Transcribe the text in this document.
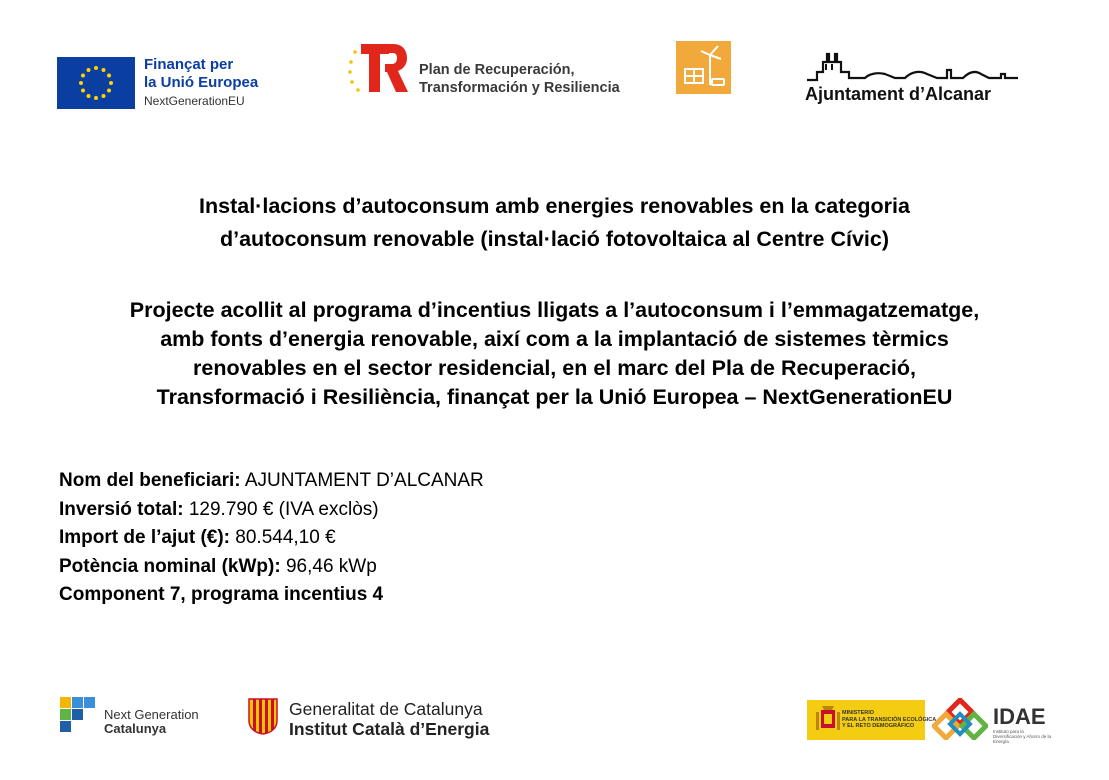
Finançat per
la Unió Europea
NextGenerationEU
Plan de Recuperación,
Transformación y Resiliencia	Ajuntament d’Alcanar
Instal·lacions d’autoconsum amb energies renovables en la categoria
d’autoconsum renovable (instal·lació fotovoltaica al Centre Cívic)
Projecte acollit al programa d’incentius lligats a l’autoconsum i l’emmagatzematge,
amb fonts d’energia renovable, així com a la implantació de sistemes tèrmics
renovables en el sector residencial, en el marc del Pla de Recuperació,
Transformació i Resiliència, finançat per la Unió Europea – NextGenerationEU
Nom del beneficiari: AJUNTAMENT D’ALCANAR
Inversió total: 129.790 € (IVA exclòs)
Import de l’ajut (€): 80.544,10 €
Potència nominal (kWp): 96,46 kWp
Component 7, programa incentius 4
Next Generation
Catalunya
Generalitat de Catalunya
Institut Català d’Energia
MINISTERIO
PARA LA TRANSICIÓN ECOLÓGICA
Y EL RETO DEMOGRÁFICO	IDAE
Instituto para la Diversificación y Ahorro de la Energía
